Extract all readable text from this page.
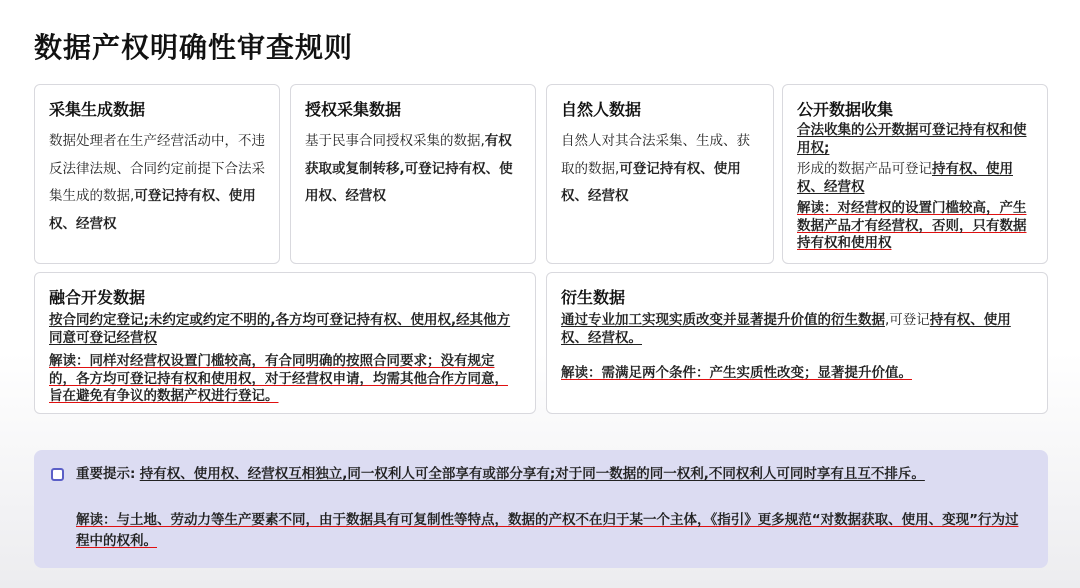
数据产权明确性审查规则
采集生成数据

数据处理者在生产经营活动中，不违反法律法规、合同约定前提下合法采集生成的数据,可登记持有权、使用权、经营权

授权采集数据

基于民事合同授权采集的数据,有权获取或复制转移,可登记持有权、使用权、经营权

自然人数据

自然人对其合法采集、生成、获取的数据,可登记持有权、使用权、经营权

公开数据收集

合法收集的公开数据可登记持有权和使用权;

形成的数据产品可登记持有权、使用权、经营权

解读：对经营权的设置门槛较高，产生数据产品才有经营权，否则，只有数据持有权和使用权

融合开发数据

按合同约定登记;未约定或约定不明的,各方均可登记持有权、使用权,经其他方同意可登记经营权

解读：同样对经营权设置门槛较高，有合同明确的按照合同要求；没有规定的，各方均可登记持有权和使用权，对于经营权申请，均需其他合作方同意，旨在避免有争议的数据产权进行登记。

衍生数据

通过专业加工实现实质改变并显著提升价值的衍生数据,可登记持有权、使用权、经营权。

解读：需满足两个条件：产生实质性改变；显著提升价值。

重要提示: 持有权、使用权、经营权互相独立,同一权利人可全部享有或部分享有;对于同一数据的同一权利,不同权利人可同时享有且互不排斥。

解读：与土地、劳动力等生产要素不同，由于数据具有可复制性等特点，数据的产权不在归于某一个主体，《指引》更多规范“对数据获取、使用、变现”行为过程中的权利。
